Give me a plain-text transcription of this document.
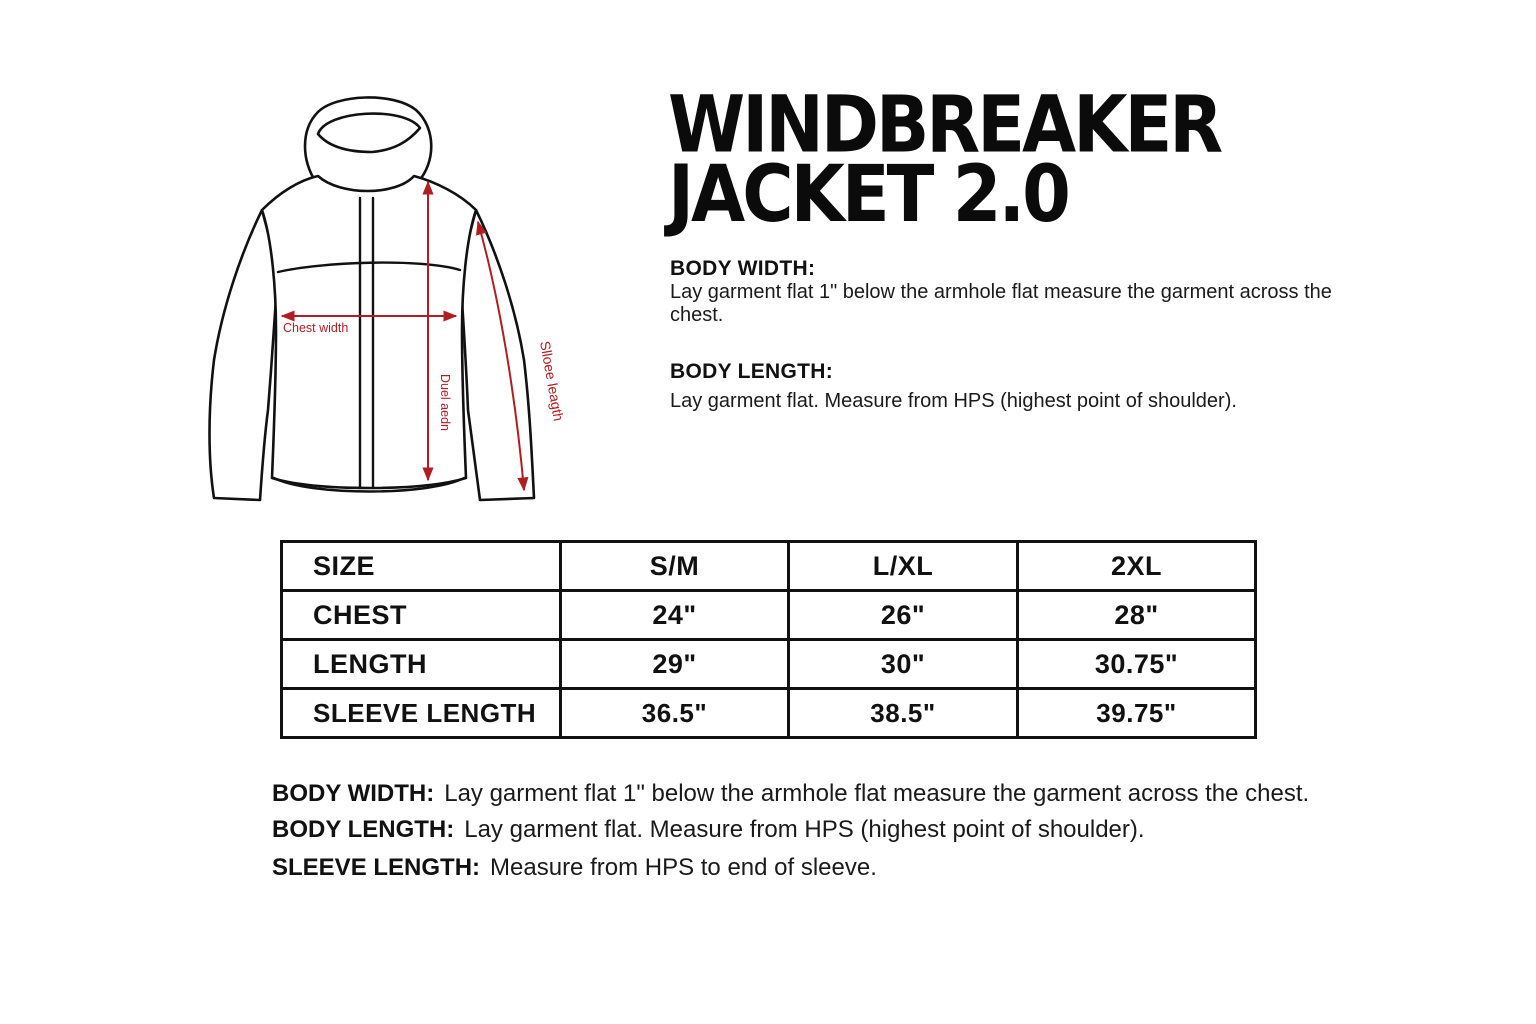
Chest width
Duel aedn	Slloee leagth
WINDBREAKER
JACKET 2.0
BODY WIDTH:
Lay garment flat 1" below the armhole flat measure the garment across the chest.
BODY LENGTH:
Lay garment flat. Measure from HPS (highest point of shoulder).
SIZE	S/M	L/XL	2XL
CHEST	24"	26"	28"
LENGTH	29"	30"	30.75"
SLEEVE LENGTH	36.5"	38.5"	39.75"
BODY WIDTH: Lay garment flat 1" below the armhole flat measure the garment across the chest.
BODY LENGTH: Lay garment flat. Measure from HPS (highest point of shoulder).
SLEEVE LENGTH: Measure from HPS to end of sleeve.
